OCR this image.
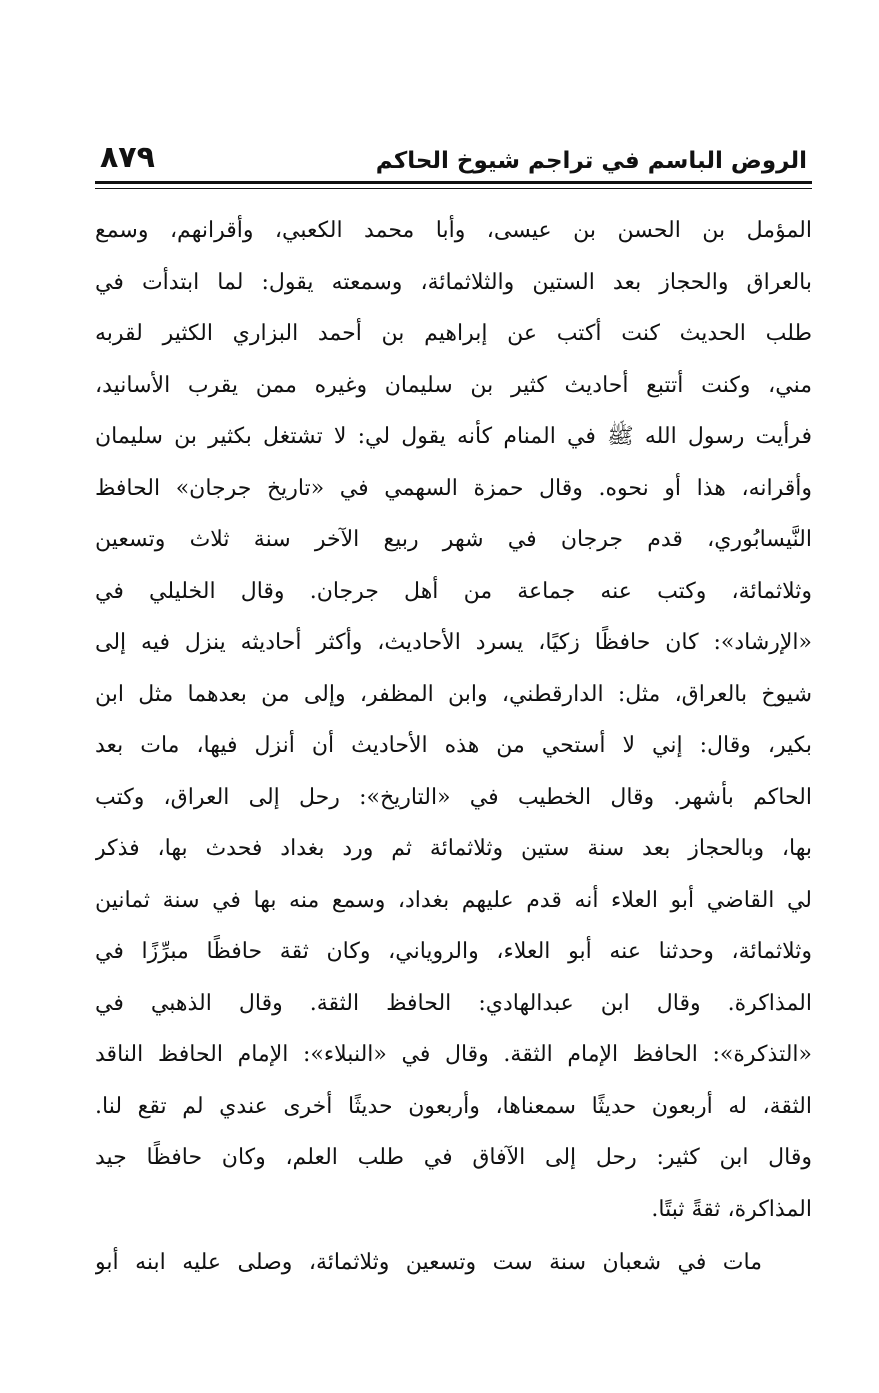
الروض الباسم في تراجم شيوخ الحاكم
٨٧٩
المؤمل بن الحسن بن عيسى، وأبا محمد الكعبي، وأقرانهم، وسمع
بالعراق والحجاز بعد الستين والثلاثمائة، وسمعته يقول: لما ابتدأت في
طلب الحديث كنت أكتب عن إبراهيم بن أحمد البزاري الكثير لقربه
مني، وكنت أتتبع أحاديث كثير بن سليمان وغيره ممن يقرب الأسانيد،
فرأيت رسول الله ﷺ في المنام كأنه يقول لي: لا تشتغل بكثير بن سليمان
وأقرانه، هذا أو نحوه. وقال حمزة السهمي في «تاريخ جرجان» الحافظ
النَّيسابُوري، قدم جرجان في شهر ربيع الآخر سنة ثلاث وتسعين
وثلاثمائة، وكتب عنه جماعة من أهل جرجان. وقال الخليلي في
«الإرشاد»: كان حافظًا زكيًا، يسرد الأحاديث، وأكثر أحاديثه ينزل فيه إلى
شيوخ بالعراق، مثل: الدارقطني، وابن المظفر، وإلى من بعدهما مثل ابن
بكير، وقال: إني لا أستحي من هذه الأحاديث أن أنزل فيها، مات بعد
الحاكم بأشهر. وقال الخطيب في «التاريخ»: رحل إلى العراق، وكتب
بها، وبالحجاز بعد سنة ستين وثلاثمائة ثم ورد بغداد فحدث بها، فذكر
لي القاضي أبو العلاء أنه قدم عليهم بغداد، وسمع منه بها في سنة ثمانين
وثلاثمائة، وحدثنا عنه أبو العلاء، والروياني، وكان ثقة حافظًا مبرِّزًا في
المذاكرة. وقال ابن عبدالهادي: الحافظ الثقة. وقال الذهبي في
«التذكرة»: الحافظ الإمام الثقة. وقال في «النبلاء»: الإمام الحافظ الناقد
الثقة، له أربعون حديثًا سمعناها، وأربعون حديثًا أخرى عندي لم تقع لنا.
وقال ابن كثير: رحل إلى الآفاق في طلب العلم، وكان حافظًا جيد
المذاكرة، ثقةً ثبتًا.
مات في شعبان سنة ست وتسعين وثلاثمائة، وصلى عليه ابنه أبو
